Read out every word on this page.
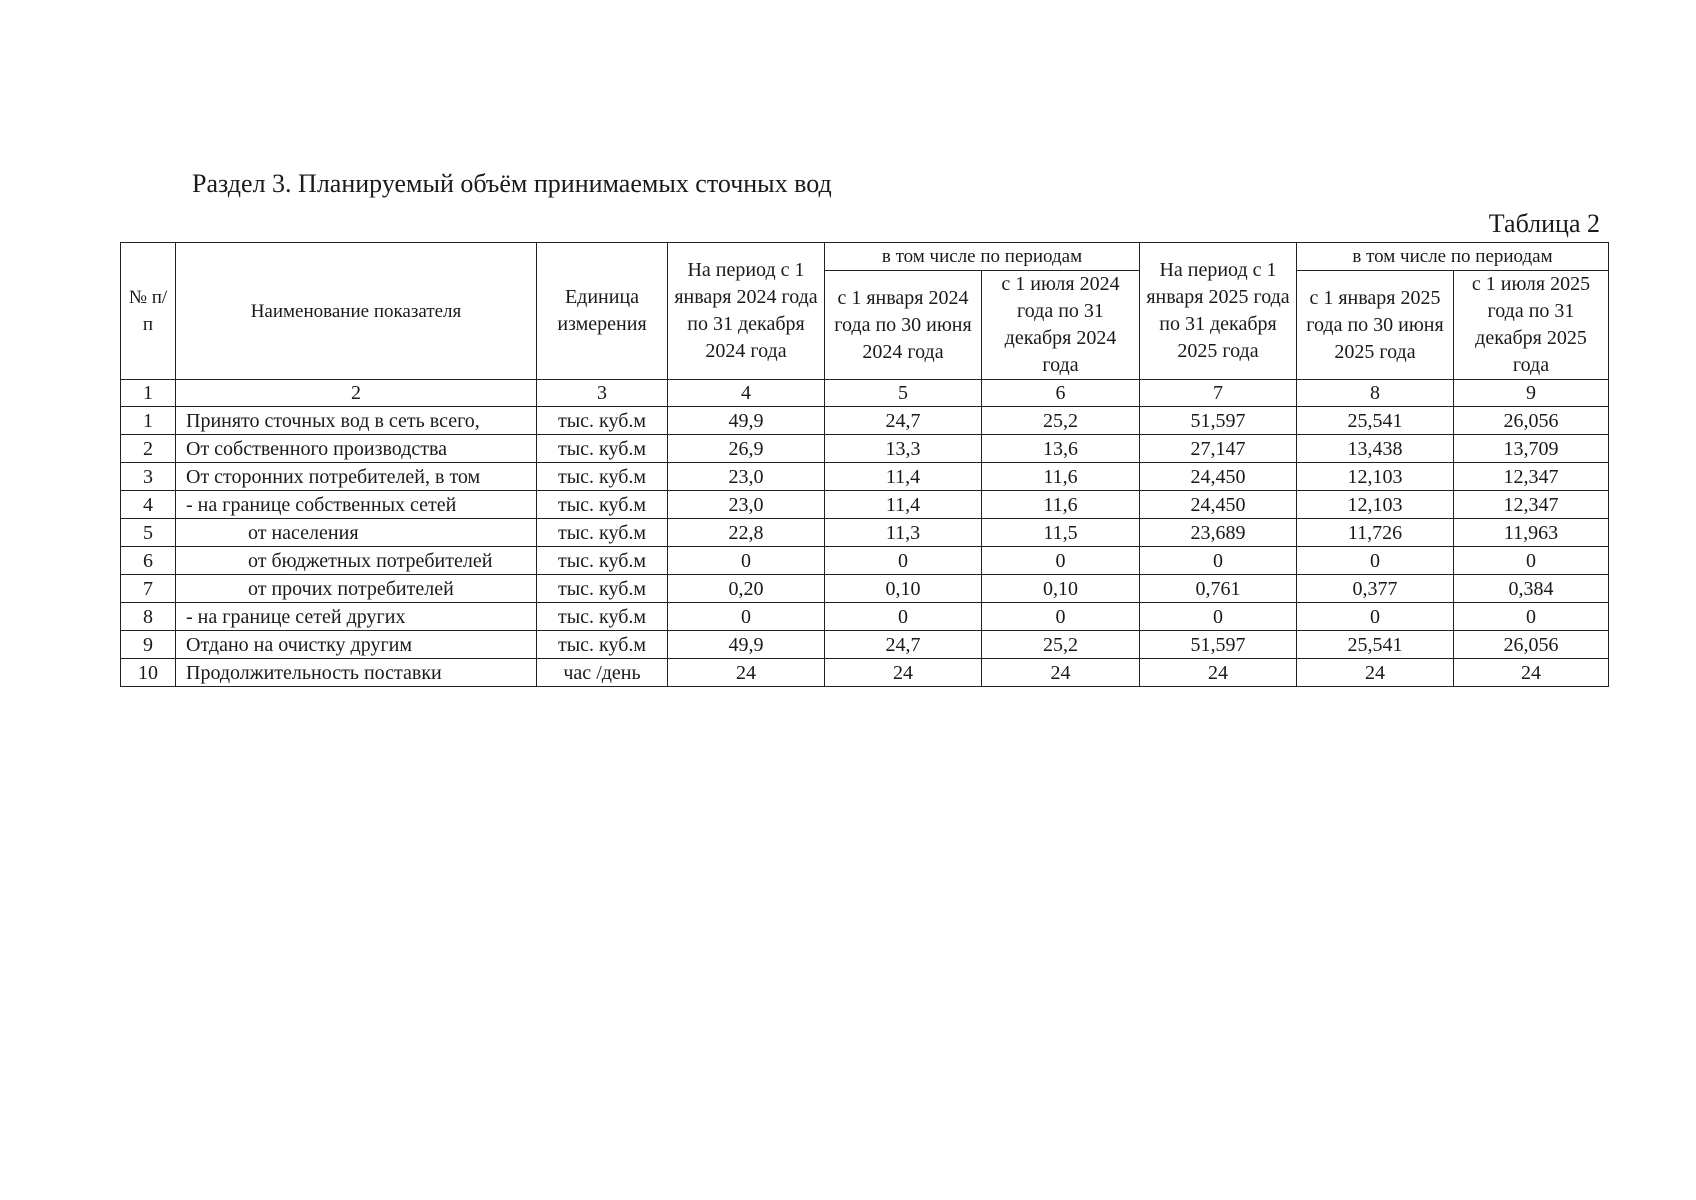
Раздел 3. Планируемый объём принимаемых сточных вод
Таблица 2
№ п/п	Наименование показателя	Единица измерения	На период с 1 января 2024 года по 31 декабря 2024 года	в том числе по периодам		На период с 1 января 2025 года по 31 декабря 2025 года	в том числе по периодам	
				с 1 января 2024 года по 30 июня 2024 года	с 1 июля 2024 года по 31 декабря 2024 года		с 1 января 2025 года по 30 июня 2025 года	с 1 июля 2025 года по 31 декабря 2025 года
1	2	3	4	5	6	7	8	9
1	Принято сточных вод в сеть всего,	тыс. куб.м	49,9	24,7	25,2	51,597	25,541	26,056
2	От собственного производства	тыс. куб.м	26,9	13,3	13,6	27,147	13,438	13,709
3	От сторонних потребителей, в том	тыс. куб.м	23,0	11,4	11,6	24,450	12,103	12,347
4	- на границе собственных сетей	тыс. куб.м	23,0	11,4	11,6	24,450	12,103	12,347
5	от населения	тыс. куб.м	22,8	11,3	11,5	23,689	11,726	11,963
6	от бюджетных потребителей	тыс. куб.м	0	0	0	0	0	0
7	от прочих потребителей	тыс. куб.м	0,20	0,10	0,10	0,761	0,377	0,384
8	- на границе сетей других	тыс. куб.м	0	0	0	0	0	0
9	Отдано на очистку другим	тыс. куб.м	49,9	24,7	25,2	51,597	25,541	26,056
10	Продолжительность поставки	час /день	24	24	24	24	24	24
